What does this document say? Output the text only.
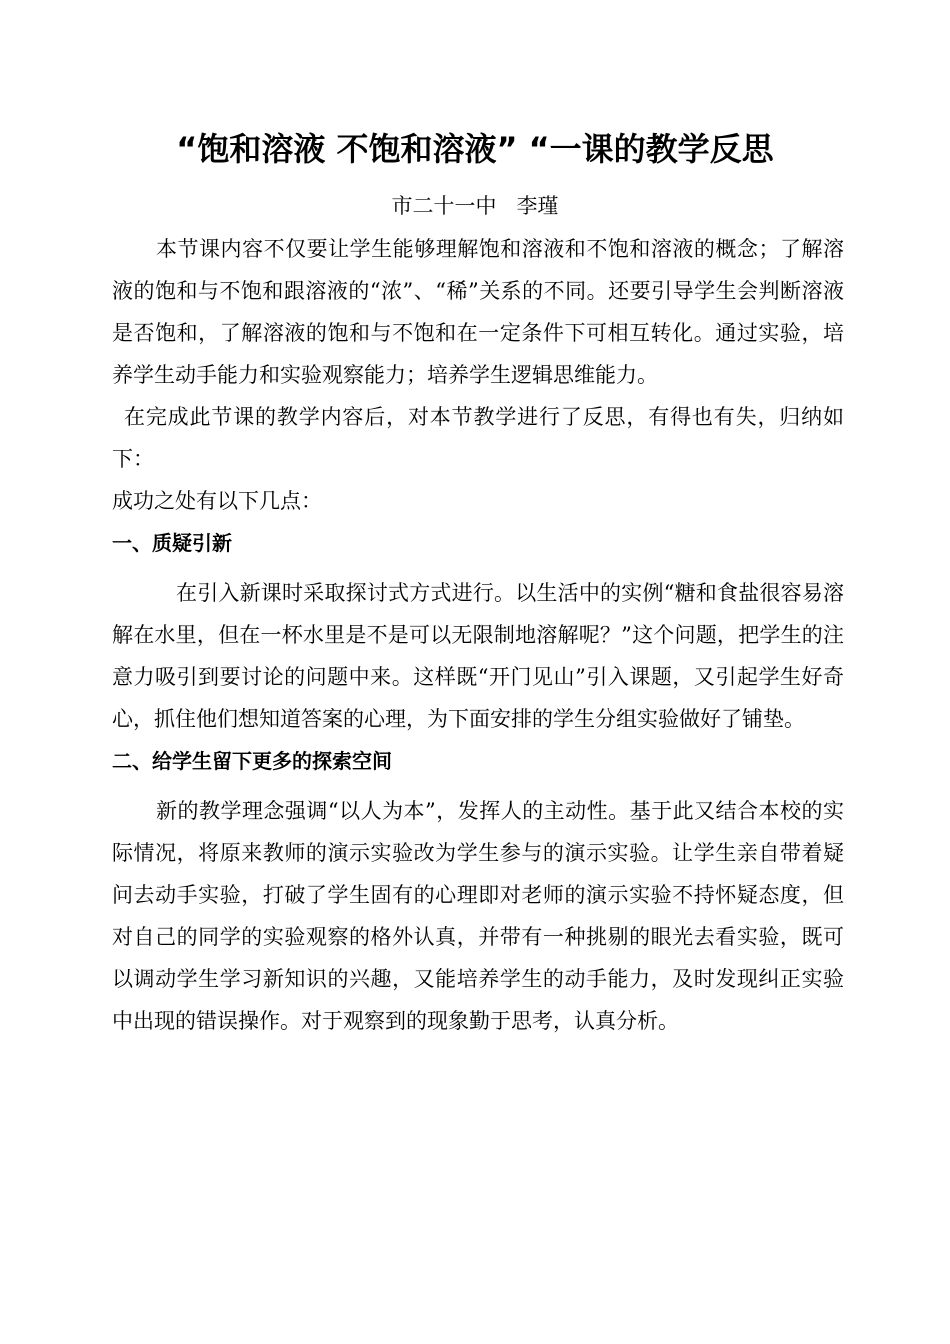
“饱和溶液 不饱和溶液” “一课的教学反思
市二十一中   李瑾

本节课内容不仅要让学生能够理解饱和溶液和不饱和溶液的概念；了解溶液的饱和与不饱和跟溶液的“浓”、“稀”关系的不同。还要引导学生会判断溶液是否饱和，了解溶液的饱和与不饱和在一定条件下可相互转化。通过实验，培养学生动手能力和实验观察能力；培养学生逻辑思维能力。

在完成此节课的教学内容后，对本节教学进行了反思，有得也有失，归纳如下：

成功之处有以下几点：

一、质疑引新

在引入新课时采取探讨式方式进行。以生活中的实例“糖和食盐很容易溶解在水里，但在一杯水里是不是可以无限制地溶解呢？”这个问题，把学生的注意力吸引到要讨论的问题中来。这样既“开门见山”引入课题，又引起学生好奇心，抓住他们想知道答案的心理，为下面安排的学生分组实验做好了铺垫。

二、给学生留下更多的探索空间

新的教学理念强调“以人为本”，发挥人的主动性。基于此又结合本校的实际情况，将原来教师的演示实验改为学生参与的演示实验。让学生亲自带着疑问去动手实验，打破了学生固有的心理即对老师的演示实验不持怀疑态度，但对自己的同学的实验观察的格外认真，并带有一种挑剔的眼光去看实验，既可以调动学生学习新知识的兴趣，又能培养学生的动手能力，及时发现纠正实验中出现的错误操作。对于观察到的现象勤于思考，认真分析。
